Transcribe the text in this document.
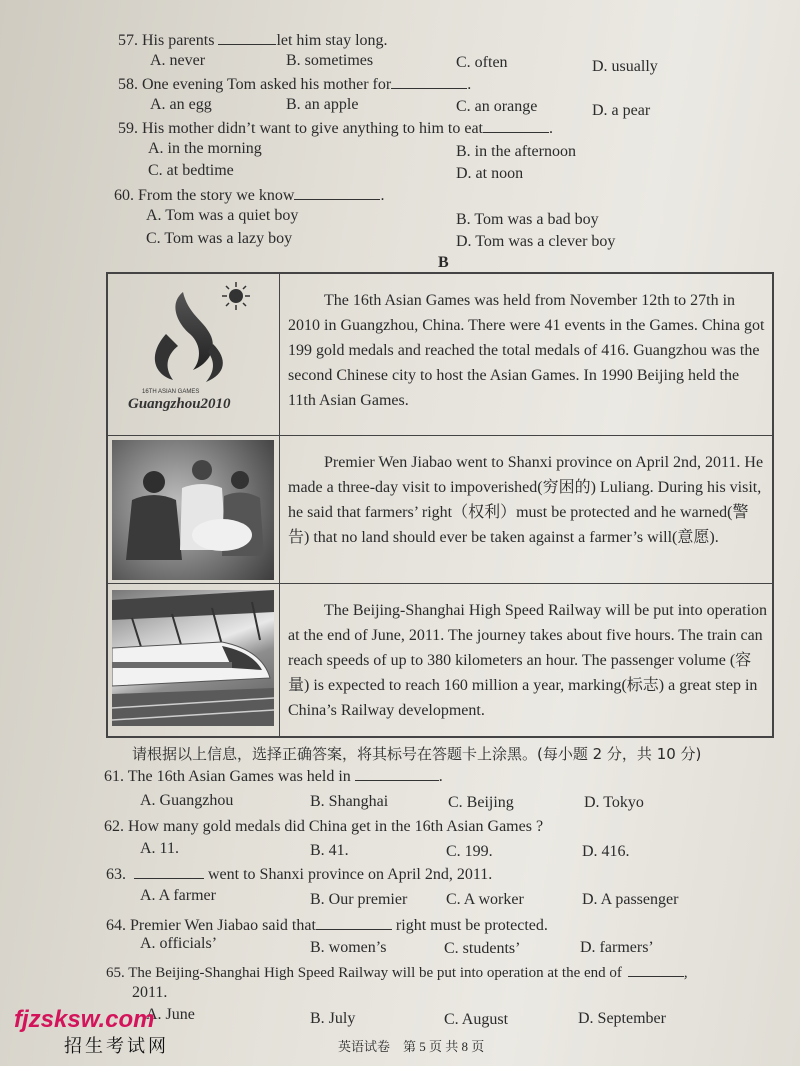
57. His parents	let him stay long.
A. never	B. sometimes	C. often	D. usually
58. One evening Tom asked his mother for	.
A. an egg	B. an apple	C. an orange	D. a pear
59. His mother didn’t want to give anything to him to eat	.
A. in the morning	B. in the afternoon
C. at bedtime	D. at noon
60. From the story we know	.
A. Tom was a quiet boy	B. Tom was a bad boy
C. Tom was a lazy boy	D. Tom was a clever boy
B
16TH ASIAN GAMES
Guangzhou2010

The 16th Asian Games was held from November 12th to 27th in 2010 in Guangzhou, China. There were 41 events in the Games. China got 199 gold medals and reached the total medals of 416. Guangzhou was the second Chinese city to host the Asian Games. In 1990 Beijing held the 11th Asian Games.

Premier Wen Jiabao went to Shanxi province on April 2nd, 2011. He made a three-day visit to impoverished(穷困的) Luliang. During his visit, he said that farmers’ right（权利）must be protected and he warned(警告) that no land should ever be taken against a farmer’s will(意愿).

The Beijing-Shanghai High Speed Railway will be put into operation at the end of June, 2011. The journey takes about five hours. The train can reach speeds of up to 380 kilometers an hour. The passenger volume (容量) is expected to reach 160 million a year, marking(标志) a great step in China’s Railway development.

请根据以上信息，选择正确答案，将其标号在答题卡上涂黑。(每小题 2 分，共 10 分)
61. The 16th Asian Games was held in	.
A. Guangzhou	B. Shanghai	C. Beijing	D. Tokyo
62. How many gold medals did China get in the 16th Asian Games ?
A. 11.	B. 41.	C. 199.	D. 416.
63.	went to Shanxi province on April 2nd, 2011.
A. A farmer	B. Our premier C. A worker	D. A passenger
64. Premier Wen Jiabao said that	right must be protected.
A. officials’	B. women’s	C. students’	D. farmers’
65. The Beijing-Shanghai High Speed Railway will be put into operation at the end of	,
2011.
A. June	B. July	C. August	D. September
英语试卷　第 5 页 共 8 页
fjzsksw.com
招生考试网
